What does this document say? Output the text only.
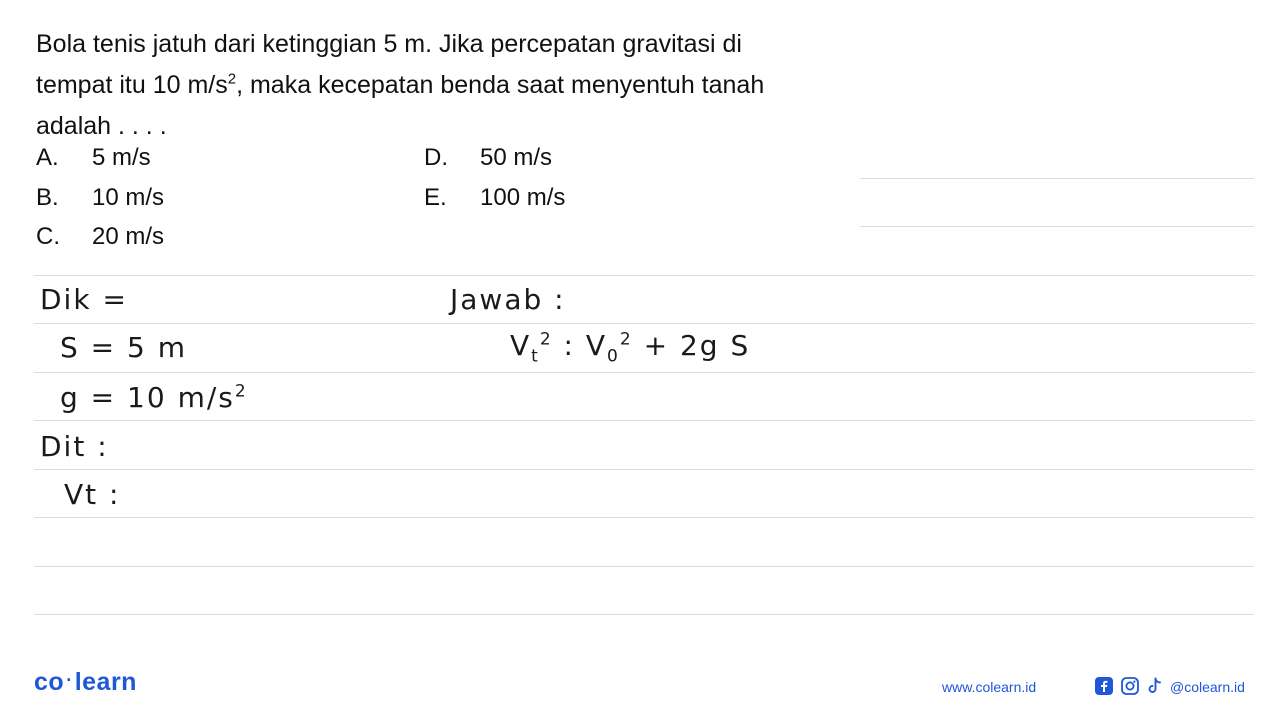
Bola tenis jatuh dari ketinggian 5 m. Jika percepatan gravitasi di
tempat itu 10 $m/s^2$, maka kecepatan benda saat menyentuh tanah
adalah . . . .
A. 5 m/s
B. 10 m/s
C. 20 m/s
D. 50 m/s
E. 100 m/s
Dik =
S = 5 m
g = 10 $m/s^2$
Dit :
Vt :
Jawab :
$V_t^2$ : $V_0^2 + 2g$ S
co ·learn	www.colearn.id	@colearn.id
